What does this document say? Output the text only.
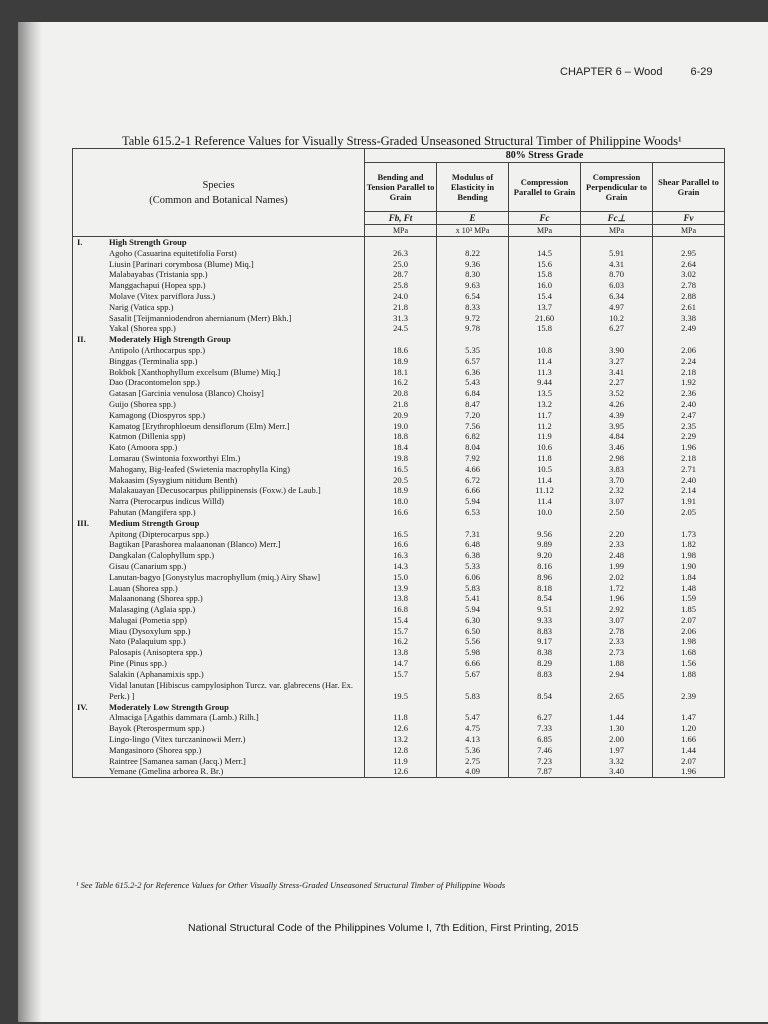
CHAPTER 6 – Wood	6-29
Table 615.2-1 Reference Values for Visually Stress-Graded Unseasoned Structural Timber of Philippine Woods¹
Species
(Common and Botanical Names)	80% Stress Grade				
	Bending and Tension Parallel to Grain	Modulus of Elasticity in Bending	Compression Parallel to Grain	Compression Perpendicular to Grain	Shear Parallel to Grain
	Fb, Ft	E	Fc	Fc⊥	Fv
	MPa	x 10³ MPa	MPa	MPa	MPa

I. High Strength Group					
Agoho (Casuarina equitetifolia Forst)	26.3	8.22	14.5	5.91	2.95
Liusin [Parinari corymbosa (Blume) Miq.]	25.0	9.36	15.6	4.31	2.64
Malabayabas (Tristania spp.)	28.7	8.30	15.8	8.70	3.02
Manggachapui (Hopea spp.)	25.8	9.63	16.0	6.03	2.78
Molave (Vitex parviflora Juss.)	24.0	6.54	15.4	6.34	2.88
Narig (Vatica spp.)	21.8	8.33	13.7	4.97	2.61
Sasalit [Teijmanniodendron ahernianum (Merr) Bkh.]	31.3	9.72	21.60	10.2	3.38
Yakal (Shorea spp.)	24.5	9.78	15.8	6.27	2.49

II. Moderately High Strength Group					
Antipolo (Arthocarpus spp.)	18.6	5.35	10.8	3.90	2.06
Binggas (Terminalia spp.)	18.9	6.57	11.4	3.27	2.24
Bokbok [Xanthophyllum excelsum (Blume) Miq.]	18.1	6.36	11.3	3.41	2.18
Dao (Dracontomelon spp.)	16.2	5.43	9.44	2.27	1.92
Gatasan [Garcinia venulosa (Blanco) Choisy]	20.8	6.84	13.5	3.52	2.36
Guijo (Shorea spp.)	21.8	8.47	13.2	4.26	2.40
Kamagong (Diospyros spp.)	20.9	7.20	11.7	4.39	2.47
Kamatog [Erythrophloeum densiflorum (Elm) Merr.]	19.0	7.56	11.2	3.95	2.35
Katmon (Dillenia spp)	18.8	6.82	11.9	4.84	2.29
Kato (Amoora spp.)	18.4	8.04	10.6	3.46	1.96
Lomarau (Swintonia foxworthyi Elm.)	19.8	7.92	11.8	2.98	2.18
Mahogany, Big-leafed (Swietenia macrophylla King)	16.5	4.66	10.5	3.83	2.71
Makaasim (Sysygium nitidum Benth)	20.5	6.72	11.4	3.70	2.40
Malakauayan [Decusocarpus philippinensis (Foxw.) de Laub.]	18.9	6.66	11.12	2.32	2.14
Narra (Pterocarpus indicus Willd)	18.0	5.94	11.4	3.07	1.91
Pahutan (Mangifera spp.)	16.6	6.53	10.0	2.50	2.05

III. Medium Strength Group					
Apitong (Dipterocarpus spp.)	16.5	7.31	9.56	2.20	1.73
Bagtikan [Parashorea malaanonan (Blanco) Merr.]	16.6	6.48	9.89	2.33	1.82
Dangkalan (Calophyllum spp.)	16.3	6.38	9.20	2.48	1.98
Gisau (Canarium spp.)	14.3	5.33	8.16	1.99	1.90
Lanutan-bagyo [Gonystylus macrophyllum (miq.) Airy Shaw]	15.0	6.06	8.96	2.02	1.84
Lauan (Shorea spp.)	13.9	5.83	8.18	1.72	1.48
Malaanonang (Shorea spp.)	13.8	5.41	8.54	1.96	1.59
Malasaging (Aglaia spp.)	16.8	5.94	9.51	2.92	1.85
Malugai (Pometia spp)	15.4	6.30	9.33	3.07	2.07
Miau (Dysoxylum spp.)	15.7	6.50	8.83	2.78	2.06
Nato (Palaquium spp.)	16.2	5.56	9.17	2.33	1.98
Palosapis (Anisoptera spp.)	13.8	5.98	8.38	2.73	1.68
Pine (Pinus spp.)	14.7	6.66	8.29	1.88	1.56
Salakin (Aphanamixis spp.)	15.7	5.67	8.83	2.94	1.88
Vidal lanutan [Hibiscus campylosiphon Turcz. var. glabrecens (Har. Ex. Perk.) ]	19.5	5.83	8.54	2.65	2.39

IV. Moderately Low Strength Group					
Almaciga [Agathis dammara (Lamb.) Rilh.]	11.8	5.47	6.27	1.44	1.47
Bayok (Pterospermum spp.)	12.6	4.75	7.33	1.30	1.20
Lingo-lingo (Vitex turczaninowii Merr.)	13.2	4.13	6.85	2.00	1.66
Mangasinoro (Shorea spp.)	12.8	5.36	7.46	1.97	1.44
Raintree [Samanea saman (Jacq.) Merr.]	11.9	2.75	7.23	3.32	2.07
Yemane (Gmelina arborea R. Br.)	12.6	4.09	7.87	3.40	1.96
¹ See Table 615.2-2 for Reference Values for Other Visually Stress-Graded Unseasoned Structural Timber of Philippine Woods
National Structural Code of the Philippines Volume I, 7th Edition, First Printing, 2015
